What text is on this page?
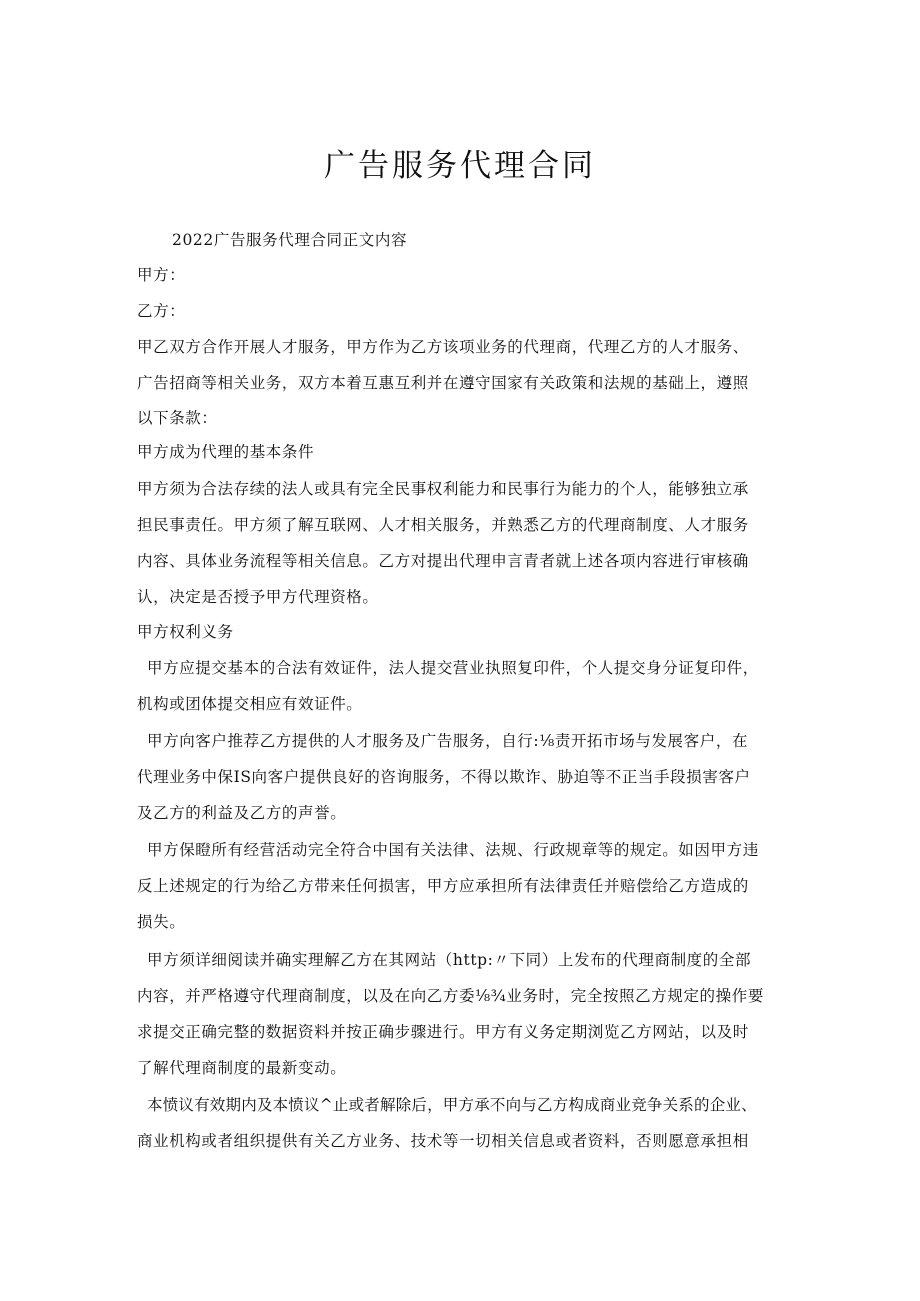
广告服务代理合同
2022广告服务代理合同正文内容
甲方：
乙方：
甲乙双方合作开展人才服务，甲方作为乙方该项业务的代理商，代理乙方的人才服务、
广告招商等相关业务，双方本着互惠互利并在遵守国家有关政策和法规的基础上，遵照
以下条款：
甲方成为代理的基本条件
甲方须为合法存续的法人或具有完全民事权利能力和民事行为能力的个人，能够独立承
担民事责任。甲方须了解互联网、人才相关服务，并熟悉乙方的代理商制度、人才服务
内容、具体业务流程等相关信息。乙方对提出代理申言青者就上述各项内容进行审核确
认，决定是否授予甲方代理资格。
甲方权利义务
甲方应提交基本的合法有效证件，法人提交营业执照复印件，个人提交身分证复印件，
机构或团体提交相应有效证件。
甲方向客户推荐乙方提供的人才服务及广告服务，自行:⅛责开拓市场与发展客户，在
代理业务中保IS向客户提供良好的咨询服务，不得以欺诈、胁迫等不正当手段损害客户
及乙方的利益及乙方的声誉。
甲方保瞪所有经营活动完全符合中国有关法律、法规、行政规章等的规定。如因甲方违
反上述规定的行为给乙方带来任何损害，甲方应承担所有法律责任并赔偿给乙方造成的
损失。
甲方须详细阅读并确实理解乙方在其网站（http:〃下同）上发布的代理商制度的全部
内容，并严格遵守代理商制度，以及在向乙方委⅛¾业务时，完全按照乙方规定的操作要
求提交正确完整的数据资料并按正确步骤进行。甲方有义务定期浏览乙方网站，以及时
了解代理商制度的最新变动。
本愤议有效期内及本愤议^止或者解除后，甲方承不向与乙方构成商业竞争关系的企业、
商业机构或者组织提供有关乙方业务、技术等一切相关信息或者资料，否则愿意承担相
